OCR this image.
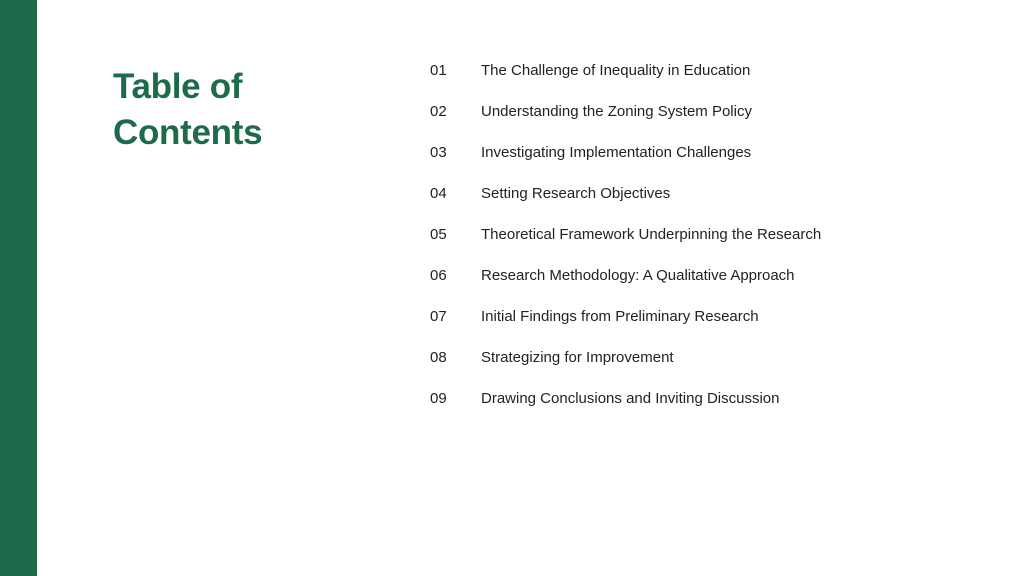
Table of
Contents
01	The Challenge of Inequality in Education
02	Understanding the Zoning System Policy
03	Investigating Implementation Challenges
04	Setting Research Objectives
05	Theoretical Framework Underpinning the Research
06	Research Methodology: A Qualitative Approach
07	Initial Findings from Preliminary Research
08	Strategizing for Improvement
09	Drawing Conclusions and Inviting Discussion
